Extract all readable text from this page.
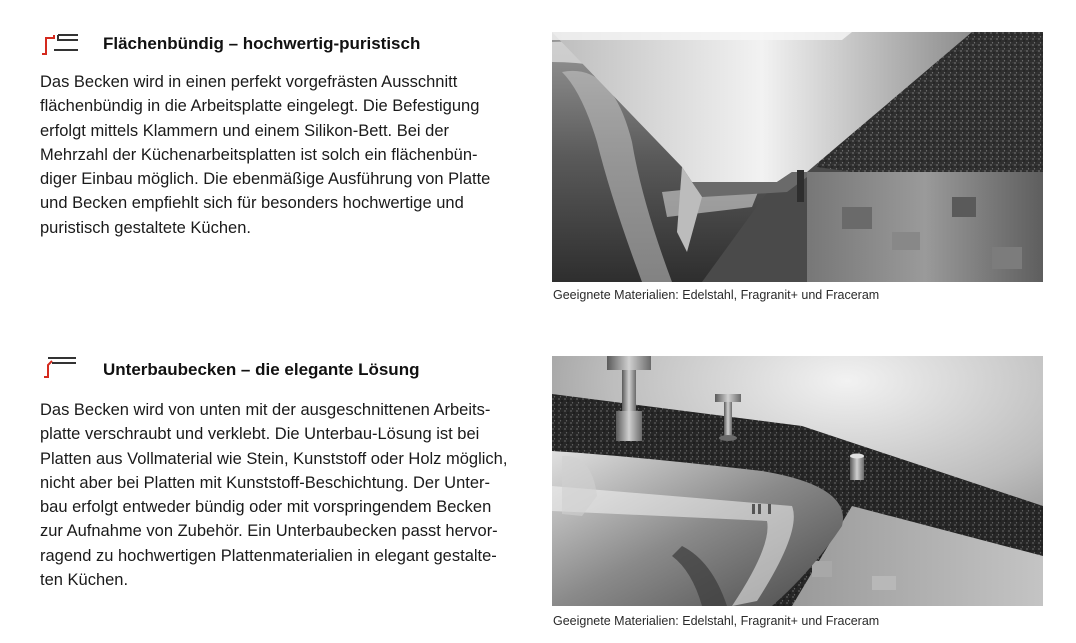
Flächenbündig – hochwertig-puristisch
Das Becken wird in einen perfekt vorgefrästen Ausschnitt
flächenbündig in die Arbeitsplatte eingelegt. Die Befestigung
erfolgt mittels Klammern und einem Silikon-Bett. Bei der
Mehrzahl der Küchenarbeitsplatten ist solch ein flächenbün-
diger Einbau möglich. Die ebenmäßige Ausführung von Platte
und Becken empfiehlt sich für besonders hochwertige und
puristisch gestaltete Küchen.
Geeignete Materialien: Edelstahl, Fragranit+ und Fraceram
Unterbaubecken – die elegante Lösung
Das Becken wird von unten mit der ausgeschnittenen Arbeits-
platte verschraubt und verklebt. Die Unterbau-Lösung ist bei
Platten aus Vollmaterial wie Stein, Kunststoff oder Holz möglich,
nicht aber bei Platten mit Kunststoff-Beschichtung. Der Unter-
bau erfolgt entweder bündig oder mit vorspringendem Becken
zur Aufnahme von Zubehör. Ein Unterbaubecken passt hervor-
ragend zu hochwertigen Plattenmaterialien in elegant gestalte-
ten Küchen.
Geeignete Materialien: Edelstahl, Fragranit+ und Fraceram
